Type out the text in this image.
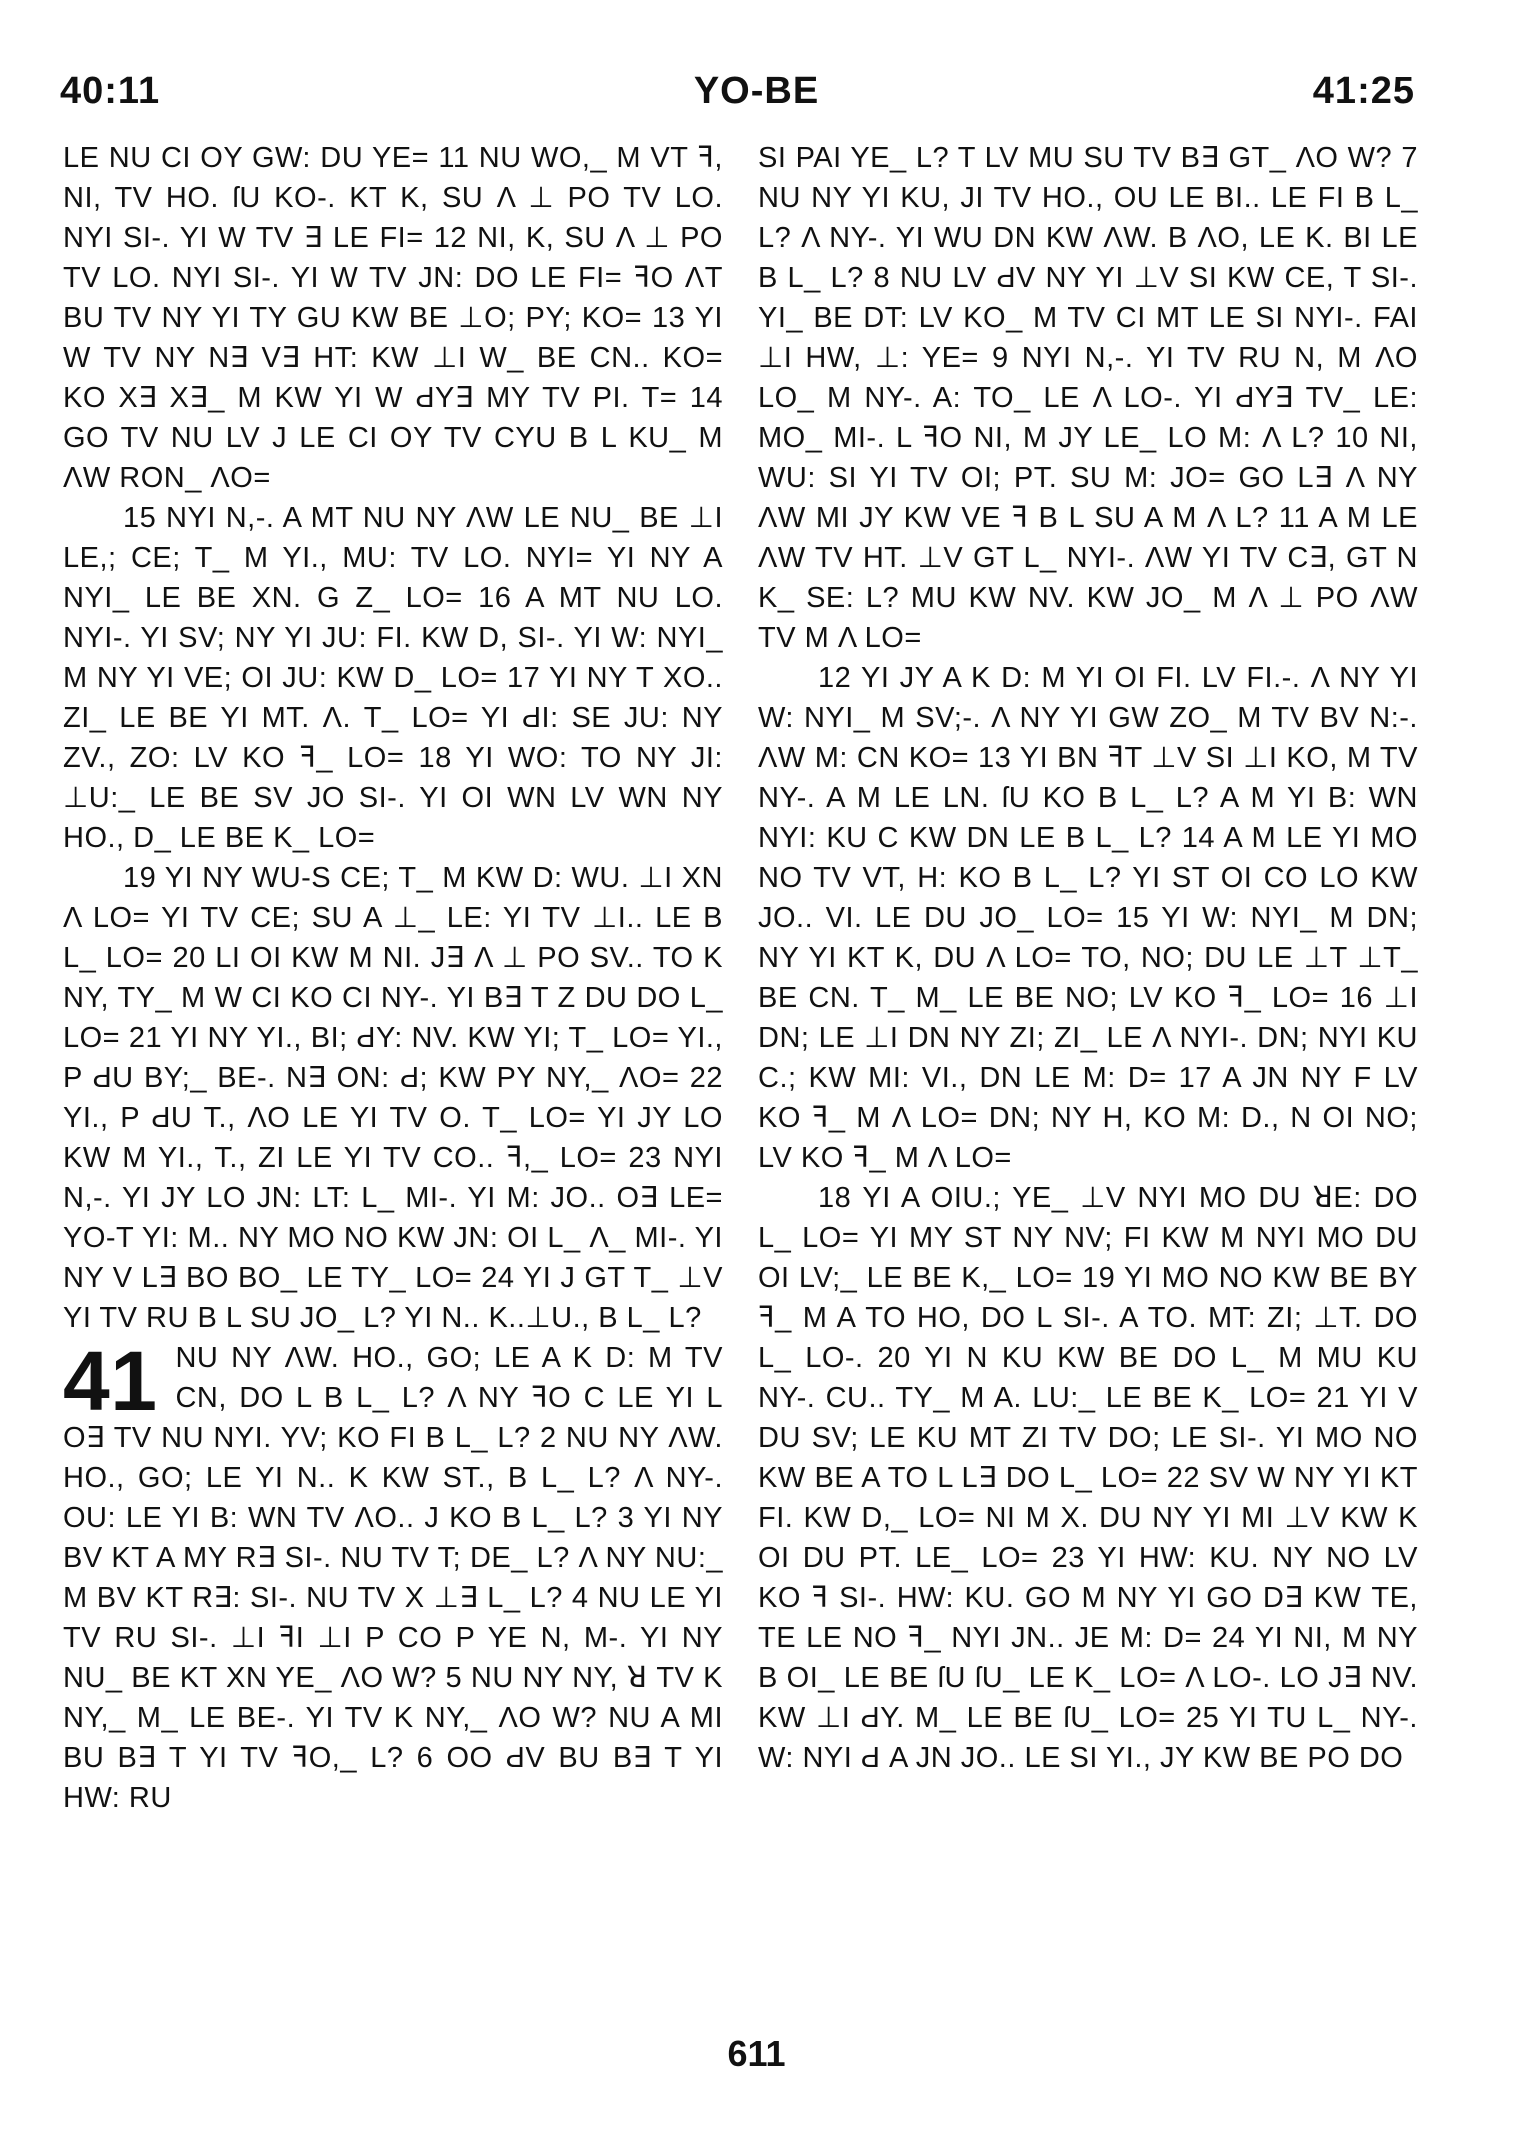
40:11	YO-BE	41:25

LE NU CI OY GW: DU YE= 11 NU WO,_ M VT ꟻ, NI, TV HO. ſU KO-. KT K, SU Λ ⊥ PO TV LO. NYI SI-. YI W TV ∃ LE FI= 12 NI, K, SU Λ ⊥ PO TV LO. NYI SI-. YI W TV JN: DO LE FI= ꟻO ΛT BU TV NY YI TY GU KW BE ⊥O; PY; KO= 13 YI W TV NY N∃ V∃ HT: KW ⊥I W_ BE CN.. KO= KO X∃ X∃_ M KW YI W ԀY∃ MY TV PI. T= 14 GO TV NU LV J LE CI OY TV CYU B L KU_ M ΛW RON_ ΛO=

15 NYI N,-. A MT NU NY ΛW LE NU_ BE ⊥I LE,; CE; T_ M YI., MU: TV LO. NYI= YI NY A NYI_ LE BE XN. G Z_ LO= 16 A MT NU LO. NYI-. YI SV; NY YI JU: FI. KW D, SI-. YI W: NYI_ M NY YI VE; OI JU: KW D_ LO= 17 YI NY T XO.. ZI_ LE BE YI MT. Λ. T_ LO= YI ԀI: SE JU: NY ZV., ZO: LV KO ꟻ_ LO= 18 YI WO: TO NY JI: ⊥U:_ LE BE SV JO SI-. YI OI WN LV WN NY HO., D_ LE BE K_ LO=

19 YI NY WU-S CE; T_ M KW D: WU. ⊥I XN Λ LO= YI TV CE; SU A ⊥_ LE: YI TV ⊥I.. LE B L_ LO= 20 LI OI KW M NI. J∃ Λ ⊥ PO SV.. TO K NY, TY_ M W CI KO CI NY-. YI B∃ T Z DU DO L_ LO= 21 YI NY YI., BI; ԀY: NV. KW YI; T_ LO= YI., P ԀU BY;_ BE-. N∃ ON: Ԁ; KW PY NY,_ ΛO= 22 YI., P ԀU T., ΛO LE YI TV O. T_ LO= YI JY LO KW M YI., T., ZI LE YI TV CO.. ꟻ,_ LO= 23 NYI N,-. YI JY LO JN: LT: L_ MI-. YI M: JO.. O∃ LE= YO-T YI: M.. NY MO NO KW JN: OI L_ Λ_ MI-. YI NY V L∃ BO BO_ LE TY_ LO= 24 YI J GT T_ ⊥V YI TV RU B L SU JO_ L? YI N.. K..⊥U., B L_ L?

41 NU NY ΛW. HO., GO; LE A K D: M TV CN, DO L B L_ L? Λ NY ꟻO C LE YI L O∃ TV NU NYI. YV; KO FI B L_ L? 2 NU NY ΛW. HO., GO; LE YI N.. K KW ST., B L_ L? Λ NY-. OU: LE YI B: WN TV ΛO.. J KO B L_ L? 3 YI NY BV KT A MY R∃ SI-. NU TV T; DE_ L? Λ NY NU:_ M BV KT R∃: SI-. NU TV X ⊥∃ L_ L? 4 NU LE YI TV RU SI-. ⊥I ꟻI ⊥I P CO P YE N, M-. YI NY NU_ BE KT XN YE_ ΛO W? 5 NU NY NY, ꓤ TV K NY,_ M_ LE BE-. YI TV K NY,_ ΛO W? NU A MI BU B∃ T YI TV ꟻO,_ L? 6 OO ԀV BU B∃ T YI HW: RU

SI PAI YE_ L? T LV MU SU TV B∃ GT_ ΛO W? 7 NU NY YI KU, JI TV HO., OU LE BI.. LE FI B L_ L? Λ NY-. YI WU DN KW ΛW. B ΛO, LE K. BI LE B L_ L? 8 NU LV ԀV NY YI ⊥V SI KW CE, T SI-. YI_ BE DT: LV KO_ M TV CI MT LE SI NYI-. FAI ⊥I HW, ⊥: YE= 9 NYI N,-. YI TV RU N, M ΛO LO_ M NY-. A: TO_ LE Λ LO-. YI ԀY∃ TV_ LE: MO_ MI-. L ꟻO NI, M JY LE_ LO M: Λ L? 10 NI, WU: SI YI TV OI; PT. SU M: JO= GO L∃ Λ NY ΛW MI JY KW VE ꟻ B L SU A M Λ L? 11 A M LE ΛW TV HT. ⊥V GT L_ NYI-. ΛW YI TV C∃, GT N K_ SE: L? MU KW NV. KW JO_ M Λ ⊥ PO ΛW TV M Λ LO=

12 YI JY A K D: M YI OI FI. LV FI.-. Λ NY YI W: NYI_ M SV;-. Λ NY YI GW ZO_ M TV BV N:-. ΛW M: CN KO= 13 YI BN ꟻT ⊥V SI ⊥I KO, M TV NY-. A M LE LN. ſU KO B L_ L? A M YI B: WN NYI: KU C KW DN LE B L_ L? 14 A M LE YI MO NO TV VT, H: KO B L_ L? YI ST OI CO LO KW JO.. VI. LE DU JO_ LO= 15 YI W: NYI_ M DN; NY YI KT K, DU Λ LO= TO, NO; DU LE ⊥T ⊥T_ BE CN. T_ M_ LE BE NO; LV KO ꟻ_ LO= 16 ⊥I DN; LE ⊥I DN NY ZI; ZI_ LE Λ NYI-. DN; NYI KU C.; KW MI: VI., DN LE M: D= 17 A JN NY F LV KO ꟻ_ M Λ LO= DN; NY H, KO M: D., N OI NO; LV KO ꟻ_ M Λ LO=

18 YI A OIU.; YE_ ⊥V NYI MO DU ꓤE: DO L_ LO= YI MY ST NY NV; FI KW M NYI MO DU OI LV;_ LE BE K,_ LO= 19 YI MO NO KW BE BY ꟻ_ M A TO HO, DO L SI-. A TO. MT: ZI; ⊥T. DO L_ LO-. 20 YI N KU KW BE DO L_ M MU KU NY-. CU.. TY_ M A. LU:_ LE BE K_ LO= 21 YI V DU SV; LE KU MT ZI TV DO; LE SI-. YI MO NO KW BE A TO L L∃ DO L_ LO= 22 SV W NY YI KT FI. KW D,_ LO= NI M X. DU NY YI MI ⊥V KW K OI DU PT. LE_ LO= 23 YI HW: KU. NY NO LV KO ꟻ SI-. HW: KU. GO M NY YI GO D∃ KW TE, TE LE NO ꟻ_ NYI JN.. JE M: D= 24 YI NI, M NY B OI_ LE BE ſU ſU_ LE K_ LO= Λ LO-. LO J∃ NV. KW ⊥I ԀY. M_ LE BE ſU_ LO= 25 YI TU L_ NY-. W: NYI Ԁ A JN JO.. LE SI YI., JY KW BE PO DO

611
